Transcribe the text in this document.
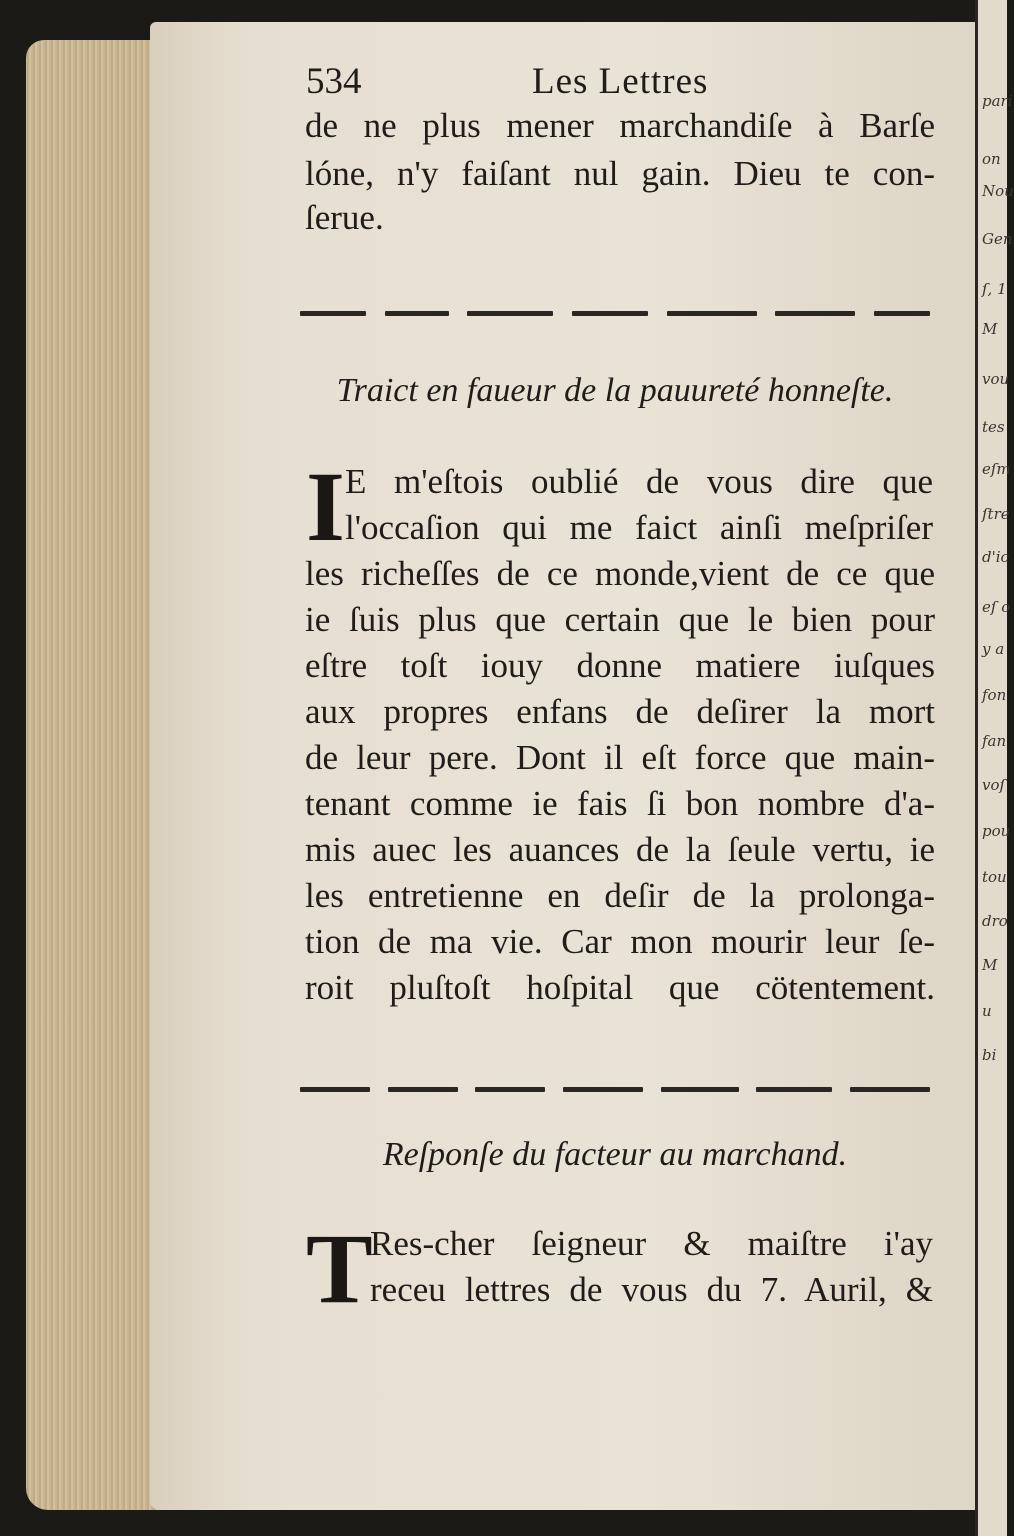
pari
on
Nou
Gen
ſ, 1
M
vou
tes
eſm
ſtre
d'ic
eſ o
y a
fon
fan
voſ
pou
tou
dro
M
u
bi
534	Les Lettres
de ne plus mener marchandiſe à Barſe
lóne, n'y faiſant nul gain. Dieu te con-
ſerue.
Traict en faueur de la pauureté honneſte.
I E m'eſtois oublié de vous dire que
l'occaſion qui me faict ainſi meſpriſer
les richeſſes de ce monde,vient de ce que
ie ſuis plus que certain que le bien pour
eſtre toſt iouy donne matiere iuſques
aux propres enfans de deſirer la mort
de leur pere. Dont il eſt force que main-
tenant comme ie fais ſi bon nombre d'a-
mis auec les auances de la ſeule vertu, ie
les entretienne en deſir de la prolonga-
tion de ma vie. Car mon mourir leur ſe-
roit pluſtoſt hoſpital que cötentement.
Reſponſe du facteur au marchand.
T
Res-cher ſeigneur & maiſtre i'ay
receu lettres de vous du 7. Auril, &
